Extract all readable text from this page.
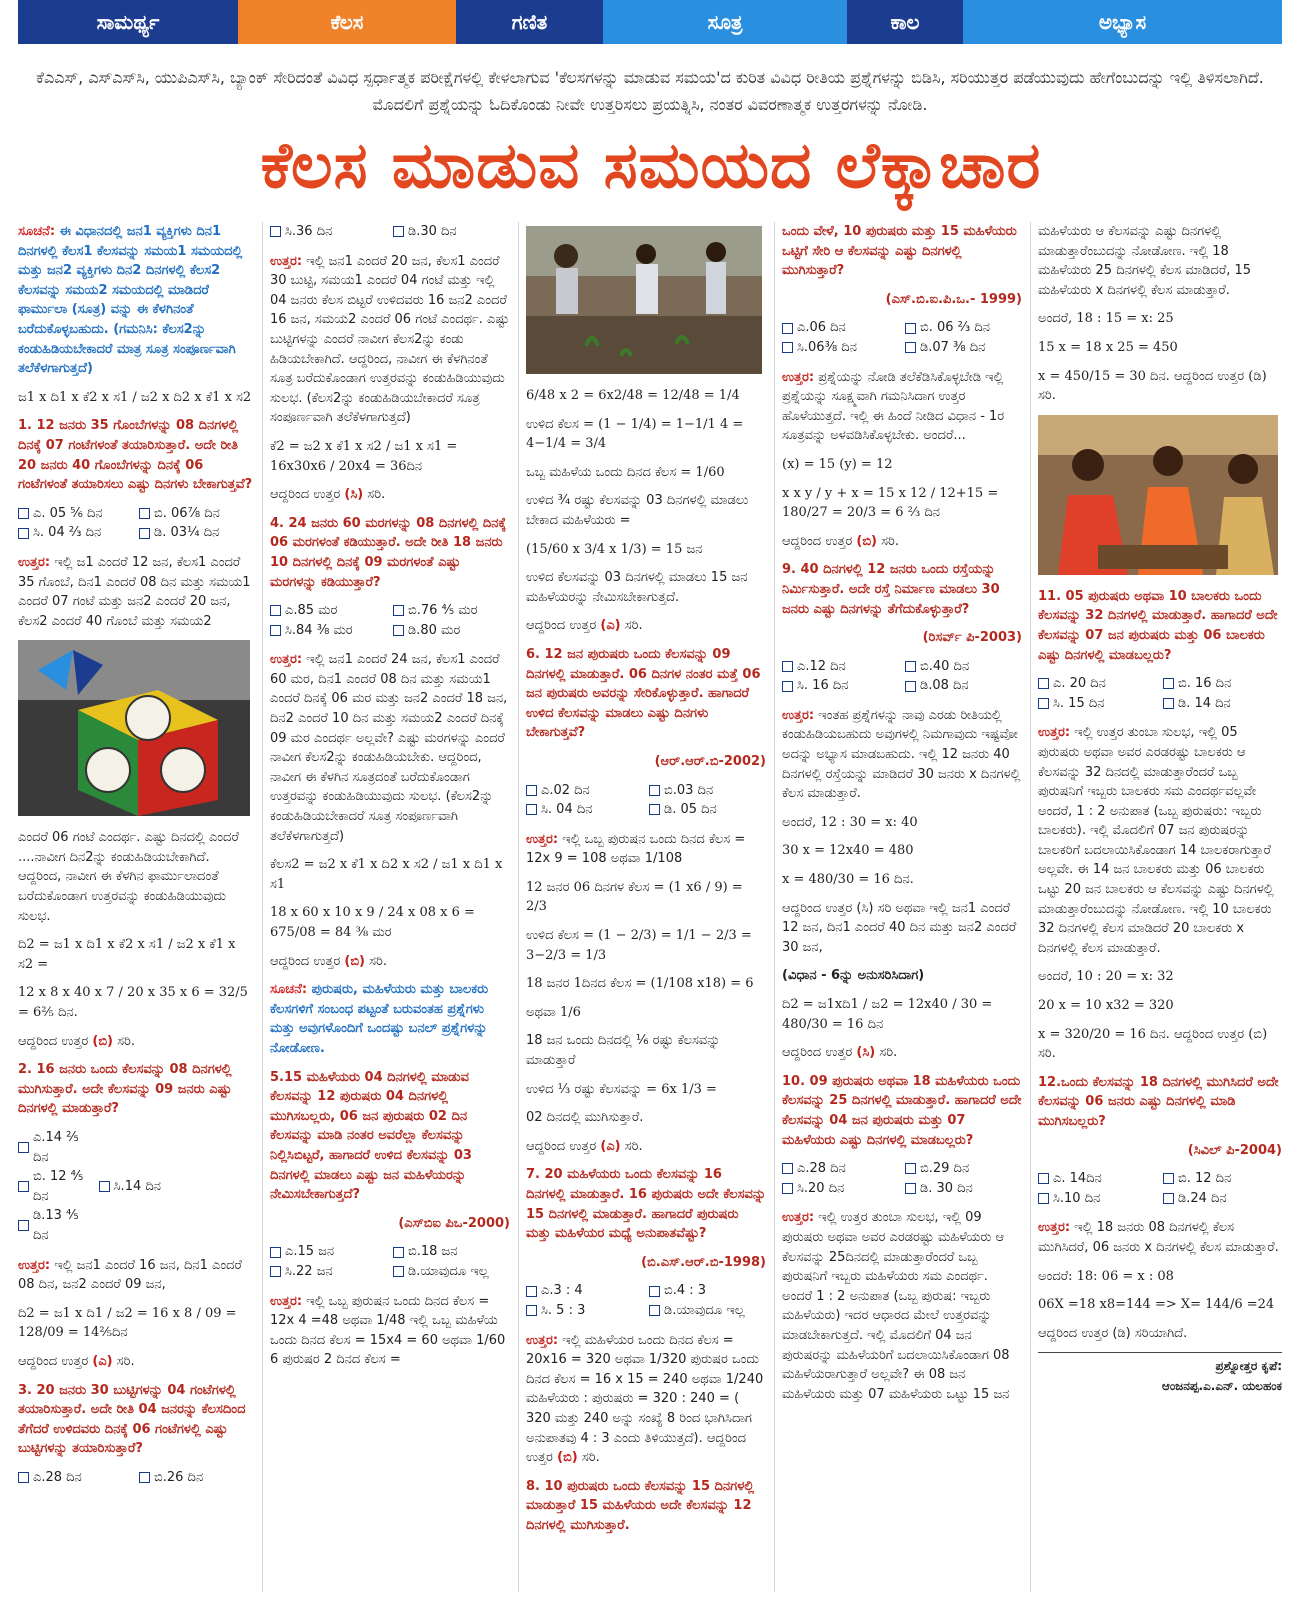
ಸಾಮರ್ಥ್ಯ	ಕೆಲಸ	ಗಣಿತ	ಸೂತ್ರ	ಕಾಲ	ಅಭ್ಯಾಸ
ಕೆಎಎಸ್, ಎಸ್‌ಎಸ್‌ಸಿ, ಯುಪಿಎಸ್‌ಸಿ, ಬ್ಯಾಂಕ್ ಸೇರಿದಂತೆ ವಿವಿಧ ಸ್ಪರ್ಧಾತ್ಮಕ ಪರೀಕ್ಷೆಗಳಲ್ಲಿ ಕೇಳಲಾಗುವ 'ಕೆಲಸಗಳನ್ನು ಮಾಡುವ ಸಮಯ'ದ ಕುರಿತ ವಿವಿಧ ರೀತಿಯ ಪ್ರಶ್ನೆಗಳನ್ನು ಬಿಡಿಸಿ, ಸರಿಯುತ್ತರ ಪಡೆಯುವುದು ಹೇಗೆಂಬುದನ್ನು ಇಲ್ಲಿ ತಿಳಿಸಲಾಗಿದೆ. ಮೊದಲಿಗೆ ಪ್ರಶ್ನೆಯನ್ನು ಓದಿಕೊಂಡು ನೀವೇ ಉತ್ತರಿಸಲು ಪ್ರಯತ್ನಿಸಿ, ನಂತರ ವಿವರಣಾತ್ಮಕ ಉತ್ತರಗಳನ್ನು ನೋಡಿ.
ಕೆಲಸ ಮಾಡುವ ಸಮಯದ ಲೆಕ್ಕಾಚಾರ

ಸೂಚನೆ: ಈ ವಿಧಾನದಲ್ಲಿ ಜನ1 ವ್ಯಕ್ತಿಗಳು ದಿನ1 ದಿನಗಳಲ್ಲಿ ಕೆಲಸ1 ಕೆಲಸವನ್ನು ಸಮಯ1 ಸಮಯದಲ್ಲಿ ಮತ್ತು ಜನ2 ವ್ಯಕ್ತಿಗಳು ದಿನ2 ದಿನಗಳಲ್ಲಿ ಕೆಲಸ2 ಕೆಲಸವನ್ನು ಸಮಯ2 ಸಮಯದಲ್ಲಿ ಮಾಡಿದರೆ ಫಾರ್ಮುಲಾ (ಸೂತ್ರ) ವನ್ನು ಈ ಕೆಳಗಿನಂತೆ ಬರೆದುಕೊಳ್ಳಬಹುದು. (ಗಮನಿಸಿ: ಕೆಲಸ2ನ್ನು ಕಂಡುಹಿಡಿಯಬೇಕಾದರೆ ಮಾತ್ರ ಸೂತ್ರ ಸಂಪೂರ್ಣವಾಗಿ ತಲೆಕೆಳಗಾಗುತ್ತದೆ)

ಜ1 x ದಿ1 x ಕೆ2 x ಸ1 / ಜ2 x ದಿ2 x ಕೆ1 x ಸ2

1. 12 ಜನರು 35 ಗೊಂಬೆಗಳನ್ನು 08 ದಿನಗಳಲ್ಲಿ ದಿನಕ್ಕೆ 07 ಗಂಟೆಗಳಂತೆ ತಯಾರಿಸುತ್ತಾರೆ. ಅದೇ ರೀತಿ 20 ಜನರು 40 ಗೊಂಬೆಗಳನ್ನು ದಿನಕ್ಕೆ 06 ಗಂಟೆಗಳಂತೆ ತಯಾರಿಸಲು ಎಷ್ಟು ದಿನಗಳು ಬೇಕಾಗುತ್ತವೆ?

ಎ. 05 ⅚ ದಿನ	ಬಿ. 06⅞ ದಿನ
ಸಿ. 04 ⅔ ದಿನ	ಡಿ. 03¼ ದಿನ

ಉತ್ತರ: ಇಲ್ಲಿ ಜ1 ಎಂದರೆ 12 ಜನ, ಕೆಲಸ1 ಎಂದರೆ 35 ಗೊಂಬೆ, ದಿನ1 ಎಂದರೆ 08 ದಿನ ಮತ್ತು ಸಮಯ1 ಎಂದರೆ 07 ಗಂಟೆ ಮತ್ತು ಜನ2 ಎಂದರೆ 20 ಜನ, ಕೆಲಸ2 ಎಂದರೆ 40 ಗೊಂಬೆ ಮತ್ತು ಸಮಯ2

ಎಂದರೆ 06 ಗಂಟೆ ಎಂದರ್ಥ. ಎಷ್ಟು ದಿನದಲ್ಲಿ ಎಂದರೆ ....ನಾವೀಗ ದಿನ2ನ್ನು ಕಂಡುಹಿಡಿಯಬೇಕಾಗಿದೆ. ಆದ್ದರಿಂದ, ನಾವೀಗ ಈ ಕೆಳಗಿನ ಫಾರ್ಮುಲಾದಂತೆ ಬರೆದುಕೊಂಡಾಗ ಉತ್ತರವನ್ನು ಕಂಡುಹಿಡಿಯುವುದು ಸುಲಭ.

ದಿ2 = ಜ1 x ದಿ1 x ಕೆ2 x ಸ1 / ಜ2 x ಕೆ1 x ಸ2 =

12 x 8 x 40 x 7 / 20 x 35 x 6 = 32/5 = 6⅖ ದಿನ.

ಆದ್ದರಿಂದ ಉತ್ತರ (ಬಿ) ಸರಿ.

2. 16 ಜನರು ಒಂದು ಕೆಲಸವನ್ನು 08 ದಿನಗಳಲ್ಲಿ ಮುಗಿಸುತ್ತಾರೆ. ಅದೇ ಕೆಲಸವನ್ನು 09 ಜನರು ಎಷ್ಟು ದಿನಗಳಲ್ಲಿ ಮಾಡುತ್ತಾರೆ?

ಎ.14 ⅖ ದಿನ
ಬಿ. 12 ⅘ ದಿನ
ಸಿ.14 ದಿನ
ಡಿ.13 ⅘ ದಿನ

ಉತ್ತರ: ಇಲ್ಲಿ ಜನ1 ಎಂದರೆ 16 ಜನ, ದಿನ1 ಎಂದರೆ 08 ದಿನ, ಜನ2 ಎಂದರೆ 09 ಜನ,

ದಿ2 = ಜ1 x ದಿ1 / ಜ2 = 16 x 8 / 09 = 128/09 = 14⅖ದಿನ

ಆದ್ದರಿಂದ ಉತ್ತರ (ಎ) ಸರಿ.

3. 20 ಜನರು 30 ಬುಟ್ಟಿಗಳನ್ನು 04 ಗಂಟೆಗಳಲ್ಲಿ ತಯಾರಿಸುತ್ತಾರೆ. ಅದೇ ರೀತಿ 04 ಜನರನ್ನು ಕೆಲಸದಿಂದ ತೆಗೆದರೆ ಉಳಿದವರು ದಿನಕ್ಕೆ 06 ಗಂಟೆಗಳಲ್ಲಿ ಎಷ್ಟು ಬುಟ್ಟಿಗಳನ್ನು ತಯಾರಿಸುತ್ತಾರೆ?

ಎ.28 ದಿನ	ಬಿ.26 ದಿನ
ಸಿ.36 ದಿನ	ಡಿ.30 ದಿನ

ಉತ್ತರ: ಇಲ್ಲಿ ಜನ1 ಎಂದರೆ 20 ಜನ, ಕೆಲಸ1 ಎಂದರೆ 30 ಬುಟ್ಟಿ, ಸಮಯ1 ಎಂದರೆ 04 ಗಂಟೆ ಮತ್ತು ಇಲ್ಲಿ 04 ಜನರು ಕೆಲಸ ಬಿಟ್ಟರೆ ಉಳಿದವರು 16 ಜನ2 ಎಂದರೆ 16 ಜನ, ಸಮಯ2 ಎಂದರೆ 06 ಗಂಟೆ ಎಂದರ್ಥ. ಎಷ್ಟು ಬುಟ್ಟಿಗಳನ್ನು ಎಂದರೆ ನಾವೀಗ ಕೆಲಸ2ನ್ನು ಕಂಡು ಹಿಡಿಯಬೇಕಾಗಿದೆ. ಆದ್ದರಿಂದ, ನಾವೀಗ ಈ ಕೆಳಗಿನಂತೆ ಸೂತ್ರ ಬರೆದುಕೊಂಡಾಗ ಉತ್ತರವನ್ನು ಕಂಡುಹಿಡಿಯುವುದು ಸುಲಭ. (ಕೆಲಸ2ನ್ನು ಕಂಡುಹಿಡಿಯಬೇಕಾದರೆ ಸೂತ್ರ ಸಂಪೂರ್ಣವಾಗಿ ತಲೆಕೆಳಗಾಗುತ್ತದೆ)

ಕೆ2 = ಜ2 x ಕೆ1 x ಸ2 / ಜ1 x ಸ1 = 16x30x6 / 20x4 = 36ದಿನ

ಆದ್ದರಿಂದ ಉತ್ತರ (ಸಿ) ಸರಿ.

4. 24 ಜನರು 60 ಮರಗಳನ್ನು 08 ದಿನಗಳಲ್ಲಿ ದಿನಕ್ಕೆ 06 ಮರಗಳಂತೆ ಕಡಿಯುತ್ತಾರೆ. ಅದೇ ರೀತಿ 18 ಜನರು 10 ದಿನಗಳಲ್ಲಿ ದಿನಕ್ಕೆ 09 ಮರಗಳಂತೆ ಎಷ್ಟು ಮರಗಳನ್ನು ಕಡಿಯುತ್ತಾರೆ?

ಎ.85 ಮರ	ಬಿ.76 ⅘ ಮರ
ಸಿ.84 ⅜ ಮರ	ಡಿ.80 ಮರ

ಉತ್ತರ: ಇಲ್ಲಿ ಜನ1 ಎಂದರೆ 24 ಜನ, ಕೆಲಸ1 ಎಂದರೆ 60 ಮರ, ದಿನ1 ಎಂದರೆ 08 ದಿನ ಮತ್ತು ಸಮಯ1 ಎಂದರೆ ದಿನಕ್ಕೆ 06 ಮರ ಮತ್ತು ಜನ2 ಎಂದರೆ 18 ಜನ, ದಿನ2 ಎಂದರೆ 10 ದಿನ ಮತ್ತು ಸಮಯ2 ಎಂದರೆ ದಿನಕ್ಕೆ 09 ಮರ ಎಂದರ್ಥ ಅಲ್ಲವೇ? ಎಷ್ಟು ಮರಗಳನ್ನು ಎಂದರೆ ನಾವೀಗ ಕೆಲಸ2ನ್ನು ಕಂಡುಹಿಡಿಯಬೇಕು. ಆದ್ದರಿಂದ, ನಾವೀಗ ಈ ಕೆಳಗಿನ ಸೂತ್ರದಂತೆ ಬರೆದುಕೊಂಡಾಗ ಉತ್ತರವನ್ನು ಕಂಡುಹಿಡಿಯುವುದು ಸುಲಭ. (ಕೆಲಸ2ನ್ನು ಕಂಡುಹಿಡಿಯಬೇಕಾದರೆ ಸೂತ್ರ ಸಂಪೂರ್ಣವಾಗಿ ತಲೆಕೆಳಗಾಗುತ್ತದೆ)

ಕೆಲಸ2 = ಜ2 x ಕೆ1 x ದಿ2 x ಸ2 / ಜ1 x ದಿ1 x ಸ1

18 x 60 x 10 x 9 / 24 x 08 x 6 = 675/08 = 84 ⅜ ಮರ

ಆದ್ದರಿಂದ ಉತ್ತರ (ಬಿ) ಸರಿ.

ಸೂಚನೆ: ಪುರುಷರು, ಮಹಿಳೆಯರು ಮತ್ತು ಬಾಲಕರು ಕೆಲಸಗಳಿಗೆ ಸಂಬಂಧ ಪಟ್ಟಂತೆ ಬರುವಂತಹ ಪ್ರಶ್ನೆಗಳು ಮತ್ತು ಅವುಗಳೊಂದಿಗೆ ಒಂದಷ್ಟು ಬನಲ್ ಪ್ರಶ್ನೆಗಳನ್ನು ನೋಡೋಣ.

5.15 ಮಹಿಳೆಯರು 04 ದಿನಗಳಲ್ಲಿ ಮಾಡುವ ಕೆಲಸವನ್ನು 12 ಪುರುಷರು 04 ದಿನಗಳಲ್ಲಿ ಮುಗಿಸಬಲ್ಲರು, 06 ಜನ ಪುರುಷರು 02 ದಿನ ಕೆಲಸವನ್ನು ಮಾಡಿ ನಂತರ ಅವರೆಲ್ಲಾ ಕೆಲಸವನ್ನು ನಿಲ್ಲಿಸಿಬಿಟ್ಟರೆ, ಹಾಗಾದರೆ ಉಳಿದ ಕೆಲಸವನ್ನು 03 ದಿನಗಳಲ್ಲಿ ಮಾಡಲು ಎಷ್ಟು ಜನ ಮಹಿಳೆಯರನ್ನು ನೇಮಿಸಬೇಕಾಗುತ್ತದೆ?

(ಎಸ್‌ಬಿಐ ಪಿಒ-2000)

ಎ.15 ಜನ	ಬಿ.18 ಜನ
ಸಿ.22 ಜನ	ಡಿ.ಯಾವುದೂ ಇಲ್ಲ

ಉತ್ತರ: ಇಲ್ಲಿ ಒಬ್ಬ ಪುರುಷನ ಒಂದು ದಿನದ ಕೆಲಸ = 12x 4 =48 ಅಥವಾ 1/48 ಇಲ್ಲಿ ಒಬ್ಬ ಮಹಿಳೆಯ ಒಂದು ದಿನದ ಕೆಲಸ = 15x4 = 60 ಅಥವಾ 1/60 6 ಪುರುಷರ 2 ದಿನದ ಕೆಲಸ =

6/48 x 2 = 6x2/48 = 12/48 = 1/4

ಉಳಿದ ಕೆಲಸ = (1 − 1/4) = 1−1/1 4 = 4−1/4 = 3/4

ಒಬ್ಬ ಮಹಿಳೆಯ ಒಂದು ದಿನದ ಕೆಲಸ = 1/60

ಉಳಿದ ¾ ರಷ್ಟು ಕೆಲಸವನ್ನು 03 ದಿನಗಳಲ್ಲಿ ಮಾಡಲು ಬೇಕಾದ ಮಹಿಳೆಯರು =

(15/60 x 3/4 x 1/3) = 15 ಜನ

ಉಳಿದ ಕೆಲಸವನ್ನು 03 ದಿನಗಳಲ್ಲಿ ಮಾಡಲು 15 ಜನ ಮಹಿಳೆಯರನ್ನು ನೇಮಿಸಬೇಕಾಗುತ್ತದೆ.

ಆದ್ದರಿಂದ ಉತ್ತರ (ಎ) ಸರಿ.

6. 12 ಜನ ಪುರುಷರು ಒಂದು ಕೆಲಸವನ್ನು 09 ದಿನಗಳಲ್ಲಿ ಮಾಡುತ್ತಾರೆ. 06 ದಿನಗಳ ನಂತರ ಮತ್ತೆ 06 ಜನ ಪುರುಷರು ಅವರನ್ನು ಸೇರಿಕೊಳ್ಳುತ್ತಾರೆ. ಹಾಗಾದರೆ ಉಳಿದ ಕೆಲಸವನ್ನು ಮಾಡಲು ಎಷ್ಟು ದಿನಗಳು ಬೇಕಾಗುತ್ತವೆ?

(ಆರ್.ಆರ್.ಬಿ-2002)

ಎ.02 ದಿನ	ಬಿ.03 ದಿನ
ಸಿ. 04 ದಿನ	ಡಿ. 05 ದಿನ

ಉತ್ತರ: ಇಲ್ಲಿ ಒಬ್ಬ ಪುರುಷನ ಒಂದು ದಿನದ ಕೆಲಸ = 12x 9 = 108 ಅಥವಾ 1/108

12 ಜನರ 06 ದಿನಗಳ ಕೆಲಸ = (1 x6 / 9) = 2/3

ಉಳಿದ ಕೆಲಸ = (1 − 2/3) = 1/1 − 2/3 = 3−2/3 = 1/3

18 ಜನರ 1ದಿನದ ಕೆಲಸ = (1/108 x18) = 6

ಅಥವಾ 1/6

18 ಜನ ಒಂದು ದಿನದಲ್ಲಿ ⅙ ರಷ್ಟು ಕೆಲಸವನ್ನು ಮಾಡುತ್ತಾರೆ

ಉಳಿದ ⅓ ರಷ್ಟು ಕೆಲಸವನ್ನು = 6x 1/3 =

02 ದಿನದಲ್ಲಿ ಮುಗಿಸುತ್ತಾರೆ.

ಆದ್ದರಿಂದ ಉತ್ತರ (ಎ) ಸರಿ.

7. 20 ಮಹಿಳೆಯರು ಒಂದು ಕೆಲಸವನ್ನು 16 ದಿನಗಳಲ್ಲಿ ಮಾಡುತ್ತಾರೆ. 16 ಪುರುಷರು ಅದೇ ಕೆಲಸವನ್ನು 15 ದಿನಗಳಲ್ಲಿ ಮಾಡುತ್ತಾರೆ. ಹಾಗಾದರೆ ಪುರುಷರು ಮತ್ತು ಮಹಿಳೆಯರ ಮಧ್ಯೆ ಅನುಪಾತವೆಷ್ಟು?

(ಬಿ.ಎಸ್.ಆರ್.ಬಿ-1998)

ಎ.3 : 4	ಬಿ.4 : 3
ಸಿ. 5 : 3	ಡಿ.ಯಾವುದೂ ಇಲ್ಲ

ಉತ್ತರ: ಇಲ್ಲಿ ಮಹಿಳೆಯರ ಒಂದು ದಿನದ ಕೆಲಸ = 20x16 = 320 ಅಥವಾ 1/320 ಪುರುಷರ ಒಂದು ದಿನದ ಕೆಲಸ = 16 x 15 = 240 ಅಥವಾ 1/240 ಮಹಿಳೆಯರು : ಪುರುಷರು = 320 : 240 = ( 320 ಮತ್ತು 240 ಅನ್ನು ಸಂಖ್ಯೆ 8 ರಿಂದ ಭಾಗಿಸಿದಾಗ ಅನುಪಾತವು 4 : 3 ಎಂದು ತಿಳಿಯುತ್ತದೆ). ಆದ್ದರಿಂದ ಉತ್ತರ (ಬಿ) ಸರಿ.

8. 10 ಪುರುಷರು ಒಂದು ಕೆಲಸವನ್ನು 15 ದಿನಗಳಲ್ಲಿ ಮಾಡುತ್ತಾರೆ 15 ಮಹಿಳೆಯರು ಅದೇ ಕೆಲಸವನ್ನು 12 ದಿನಗಳಲ್ಲಿ ಮುಗಿಸುತ್ತಾರೆ.

ಒಂದು ವೇಳೆ, 10 ಪುರುಷರು ಮತ್ತು 15 ಮಹಿಳೆಯರು ಒಟ್ಟಿಗೆ ಸೇರಿ ಆ ಕೆಲಸವನ್ನು ಎಷ್ಟು ದಿನಗಳಲ್ಲಿ ಮುಗಿಸುತ್ತಾರೆ?

(ಎಸ್.ಬಿ.ಐ.ಪಿ.ಒ.- 1999)

ಎ.06 ದಿನ	ಬಿ. 06 ⅔ ದಿನ
ಸಿ.06⅜ ದಿನ	ಡಿ.07 ⅜ ದಿನ

ಉತ್ತರ: ಪ್ರಶ್ನೆಯನ್ನು ನೋಡಿ ತಲೆಕೆಡಿಸಿಕೊಳ್ಳಬೇಡಿ ಇಲ್ಲಿ ಪ್ರಶ್ನೆಯನ್ನು ಸೂಕ್ಷ್ಮವಾಗಿ ಗಮನಿಸಿದಾಗ ಉತ್ತರ ಹೊಳೆಯುತ್ತದೆ. ಇಲ್ಲಿ ಈ ಹಿಂದೆ ನೀಡಿದ ವಿಧಾನ - 1ರ ಸೂತ್ರವನ್ನು ಅಳವಡಿಸಿಕೊಳ್ಳಬೇಕು. ಅಂದರೆ...

(x) = 15 (y) = 12

x x y / y + x = 15 x 12 / 12+15 = 180/27 = 20/3 = 6 ⅔ ದಿನ

ಆದ್ದರಿಂದ ಉತ್ತರ (ಬಿ) ಸರಿ.

9. 40 ದಿನಗಳಲ್ಲಿ 12 ಜನರು ಒಂದು ರಸ್ತೆಯನ್ನು ನಿರ್ಮಿಸುತ್ತಾರೆ. ಅದೇ ರಸ್ತೆ ನಿರ್ಮಾಣ ಮಾಡಲು 30 ಜನರು ಎಷ್ಟು ದಿನಗಳನ್ನು ತೆಗೆದುಕೊಳ್ಳುತ್ತಾರೆ?

(ರಿಸರ್ವ್ ಪಿ-2003)

ಎ.12 ದಿನ	ಬಿ.40 ದಿನ
ಸಿ. 16 ದಿನ	ಡಿ.08 ದಿನ

ಉತ್ತರ: ಇಂತಹ ಪ್ರಶ್ನೆಗಳನ್ನು ನಾವು ಎರಡು ರೀತಿಯಲ್ಲಿ ಕಂಡುಹಿಡಿಯಬಹುದು ಅವುಗಳಲ್ಲಿ ನಿಮಗಾವುದು ಇಷ್ಟವೋ ಅದನ್ನು ಅಭ್ಯಾಸ ಮಾಡಬಹುದು. ಇಲ್ಲಿ 12 ಜನರು 40 ದಿನಗಳಲ್ಲಿ ರಸ್ತೆಯನ್ನು ಮಾಡಿದರೆ 30 ಜನರು x ದಿನಗಳಲ್ಲಿ ಕೆಲಸ ಮಾಡುತ್ತಾರೆ.

ಅಂದರೆ, 12 : 30 = x: 40

30 x = 12x40 = 480

x = 480/30 = 16 ದಿನ.

ಆದ್ದರಿಂದ ಉತ್ತರ (ಸಿ) ಸರಿ ಅಥವಾ ಇಲ್ಲಿ ಜನ1 ಎಂದರೆ 12 ಜನ, ದಿನ1 ಎಂದರೆ 40 ದಿನ ಮತ್ತು ಜನ2 ಎಂದರೆ 30 ಜನ,

(ವಿಧಾನ - 6ನ್ನು ಅನುಸರಿಸಿದಾಗ)

ದಿ2 = ಜ1xದಿ1 / ಜ2 = 12x40 / 30 = 480/30 = 16 ದಿನ

ಆದ್ದರಿಂದ ಉತ್ತರ (ಸಿ) ಸರಿ.

10. 09 ಪುರುಷರು ಅಥವಾ 18 ಮಹಿಳೆಯರು ಒಂದು ಕೆಲಸವನ್ನು 25 ದಿನಗಳಲ್ಲಿ ಮಾಡುತ್ತಾರೆ. ಹಾಗಾದರೆ ಅದೇ ಕೆಲಸವನ್ನು 04 ಜನ ಪುರುಷರು ಮತ್ತು 07 ಮಹಿಳೆಯರು ಎಷ್ಟು ದಿನಗಳಲ್ಲಿ ಮಾಡಬಲ್ಲರು?

ಎ.28 ದಿನ	ಬಿ.29 ದಿನ
ಸಿ.20 ದಿನ	ಡಿ. 30 ದಿನ

ಉತ್ತರ: ಇಲ್ಲಿ ಉತ್ತರ ತುಂಬಾ ಸುಲಭ, ಇಲ್ಲಿ 09 ಪುರುಷರು ಅಥವಾ ಅವರ ಎರಡರಷ್ಟು ಮಹಿಳೆಯರು ಆ ಕೆಲಸವನ್ನು 25ದಿನದಲ್ಲಿ ಮಾಡುತ್ತಾರೆಂದರೆ ಒಬ್ಬ ಪುರುಷನಿಗೆ ಇಬ್ಬರು ಮಹಿಳೆಯರು ಸಮ ಎಂದರ್ಥ. ಅಂದರೆ 1 : 2 ಅನುಪಾತ (ಒಬ್ಬ ಪುರುಷ: ಇಬ್ಬರು ಮಹಿಳೆಯರು) ಇದರ ಆಧಾರದ ಮೇಲೆ ಉತ್ತರವನ್ನು ಮಾಡಬೇಕಾಗುತ್ತದೆ. ಇಲ್ಲಿ ಮೊದಲಿಗೆ 04 ಜನ ಪುರುಷರನ್ನು ಮಹಿಳೆಯರಿಗೆ ಬದಲಾಯಿಸಿಕೊಂಡಾಗ 08 ಮಹಿಳೆಯರಾಗುತ್ತಾರೆ ಅಲ್ಲವೇ? ಈ 08 ಜನ ಮಹಿಳೆಯರು ಮತ್ತು 07 ಮಹಿಳೆಯರು ಒಟ್ಟು 15 ಜನ

ಮಹಿಳೆಯರು ಆ ಕೆಲಸವನ್ನು ಎಷ್ಟು ದಿನಗಳಲ್ಲಿ ಮಾಡುತ್ತಾರೆಂಬುದನ್ನು ನೋಡೋಣ. ಇಲ್ಲಿ 18 ಮಹಿಳೆಯರು 25 ದಿನಗಳಲ್ಲಿ ಕೆಲಸ ಮಾಡಿದರೆ, 15 ಮಹಿಳೆಯರು x ದಿನಗಳಲ್ಲಿ ಕೆಲಸ ಮಾಡುತ್ತಾರೆ.

ಅಂದರೆ, 18 : 15 = x: 25

15 x = 18 x 25 = 450

x = 450/15 = 30 ದಿನ. ಆದ್ದರಿಂದ ಉತ್ತರ (ಡಿ) ಸರಿ.

11. 05 ಪುರುಷರು ಅಥವಾ 10 ಬಾಲಕರು ಒಂದು ಕೆಲಸವನ್ನು 32 ದಿನಗಳಲ್ಲಿ ಮಾಡುತ್ತಾರೆ. ಹಾಗಾದರೆ ಅದೇ ಕೆಲಸವನ್ನು 07 ಜನ ಪುರುಷರು ಮತ್ತು 06 ಬಾಲಕರು ಎಷ್ಟು ದಿನಗಳಲ್ಲಿ ಮಾಡಬಲ್ಲರು?

ಎ. 20 ದಿನ	ಬಿ. 16 ದಿನ
ಸಿ. 15 ದಿನ	ಡಿ. 14 ದಿನ

ಉತ್ತರ: ಇಲ್ಲಿ ಉತ್ತರ ತುಂಬಾ ಸುಲಭ, ಇಲ್ಲಿ 05 ಪುರುಷರು ಅಥವಾ ಅವರ ಎರಡರಷ್ಟು ಬಾಲಕರು ಆ ಕೆಲಸವನ್ನು 32 ದಿನದಲ್ಲಿ ಮಾಡುತ್ತಾರೆಂದರೆ ಒಬ್ಬ ಪುರುಷನಿಗೆ ಇಬ್ಬರು ಬಾಲಕರು ಸಮ ಎಂದರ್ಥವಲ್ಲವೇ ಅಂದರೆ, 1 : 2 ಅನುಪಾತ (ಒಬ್ಬ ಪುರುಷರು: ಇಬ್ಬರು ಬಾಲಕರು). ಇಲ್ಲಿ ಮೊದಲಿಗೆ 07 ಜನ ಪುರುಷರನ್ನು ಬಾಲಕರಿಗೆ ಬದಲಾಯಿಸಿಕೊಂಡಾಗ 14 ಬಾಲಕರಾಗುತ್ತಾರೆ ಅಲ್ಲವೇ. ಈ 14 ಜನ ಬಾಲಕರು ಮತ್ತು 06 ಬಾಲಕರು ಒಟ್ಟು 20 ಜನ ಬಾಲಕರು ಆ ಕೆಲಸವನ್ನು ಎಷ್ಟು ದಿನಗಳಲ್ಲಿ ಮಾಡುತ್ತಾರೆಂಬುದನ್ನು ನೋಡೋಣ. ಇಲ್ಲಿ 10 ಬಾಲಕರು 32 ದಿನಗಳಲ್ಲಿ ಕೆಲಸ ಮಾಡಿದರೆ 20 ಬಾಲಕರು x ದಿನಗಳಲ್ಲಿ ಕೆಲಸ ಮಾಡುತ್ತಾರೆ.

ಅಂದರೆ, 10 : 20 = x: 32

20 x = 10 x32 = 320

x = 320/20 = 16 ದಿನ. ಆದ್ದರಿಂದ ಉತ್ತರ (ಬಿ) ಸರಿ.

12.ಒಂದು ಕೆಲಸವನ್ನು 18 ದಿನಗಳಲ್ಲಿ ಮುಗಿಸಿದರೆ ಅದೇ ಕೆಲಸವನ್ನು 06 ಜನರು ಎಷ್ಟು ದಿನಗಳಲ್ಲಿ ಮಾಡಿ ಮುಗಿಸಬಲ್ಲರು?

(ಸಿವಿಲ್ ಪಿ-2004)

ಎ. 14ದಿನ	ಬಿ. 12 ದಿನ
ಸಿ.10 ದಿನ	ಡಿ.24 ದಿನ

ಉತ್ತರ: ಇಲ್ಲಿ 18 ಜನರು 08 ದಿನಗಳಲ್ಲಿ ಕೆಲಸ ಮುಗಿಸಿದರೆ, 06 ಜನರು x ದಿನಗಳಲ್ಲಿ ಕೆಲಸ ಮಾಡುತ್ತಾರೆ.

ಅಂದರೆ: 18: 06 = x : 08

06X =18 x8=144 => X= 144/6 =24

ಆದ್ದರಿಂದ ಉತ್ತರ (ಡಿ) ಸರಿಯಾಗಿದೆ.

ಪ್ರಶ್ನೋತ್ತರ ಕೃಪೆ:
ಆಂಜನಪ್ಪ.ಎ.ಎನ್. ಯಲಹಂಕ
